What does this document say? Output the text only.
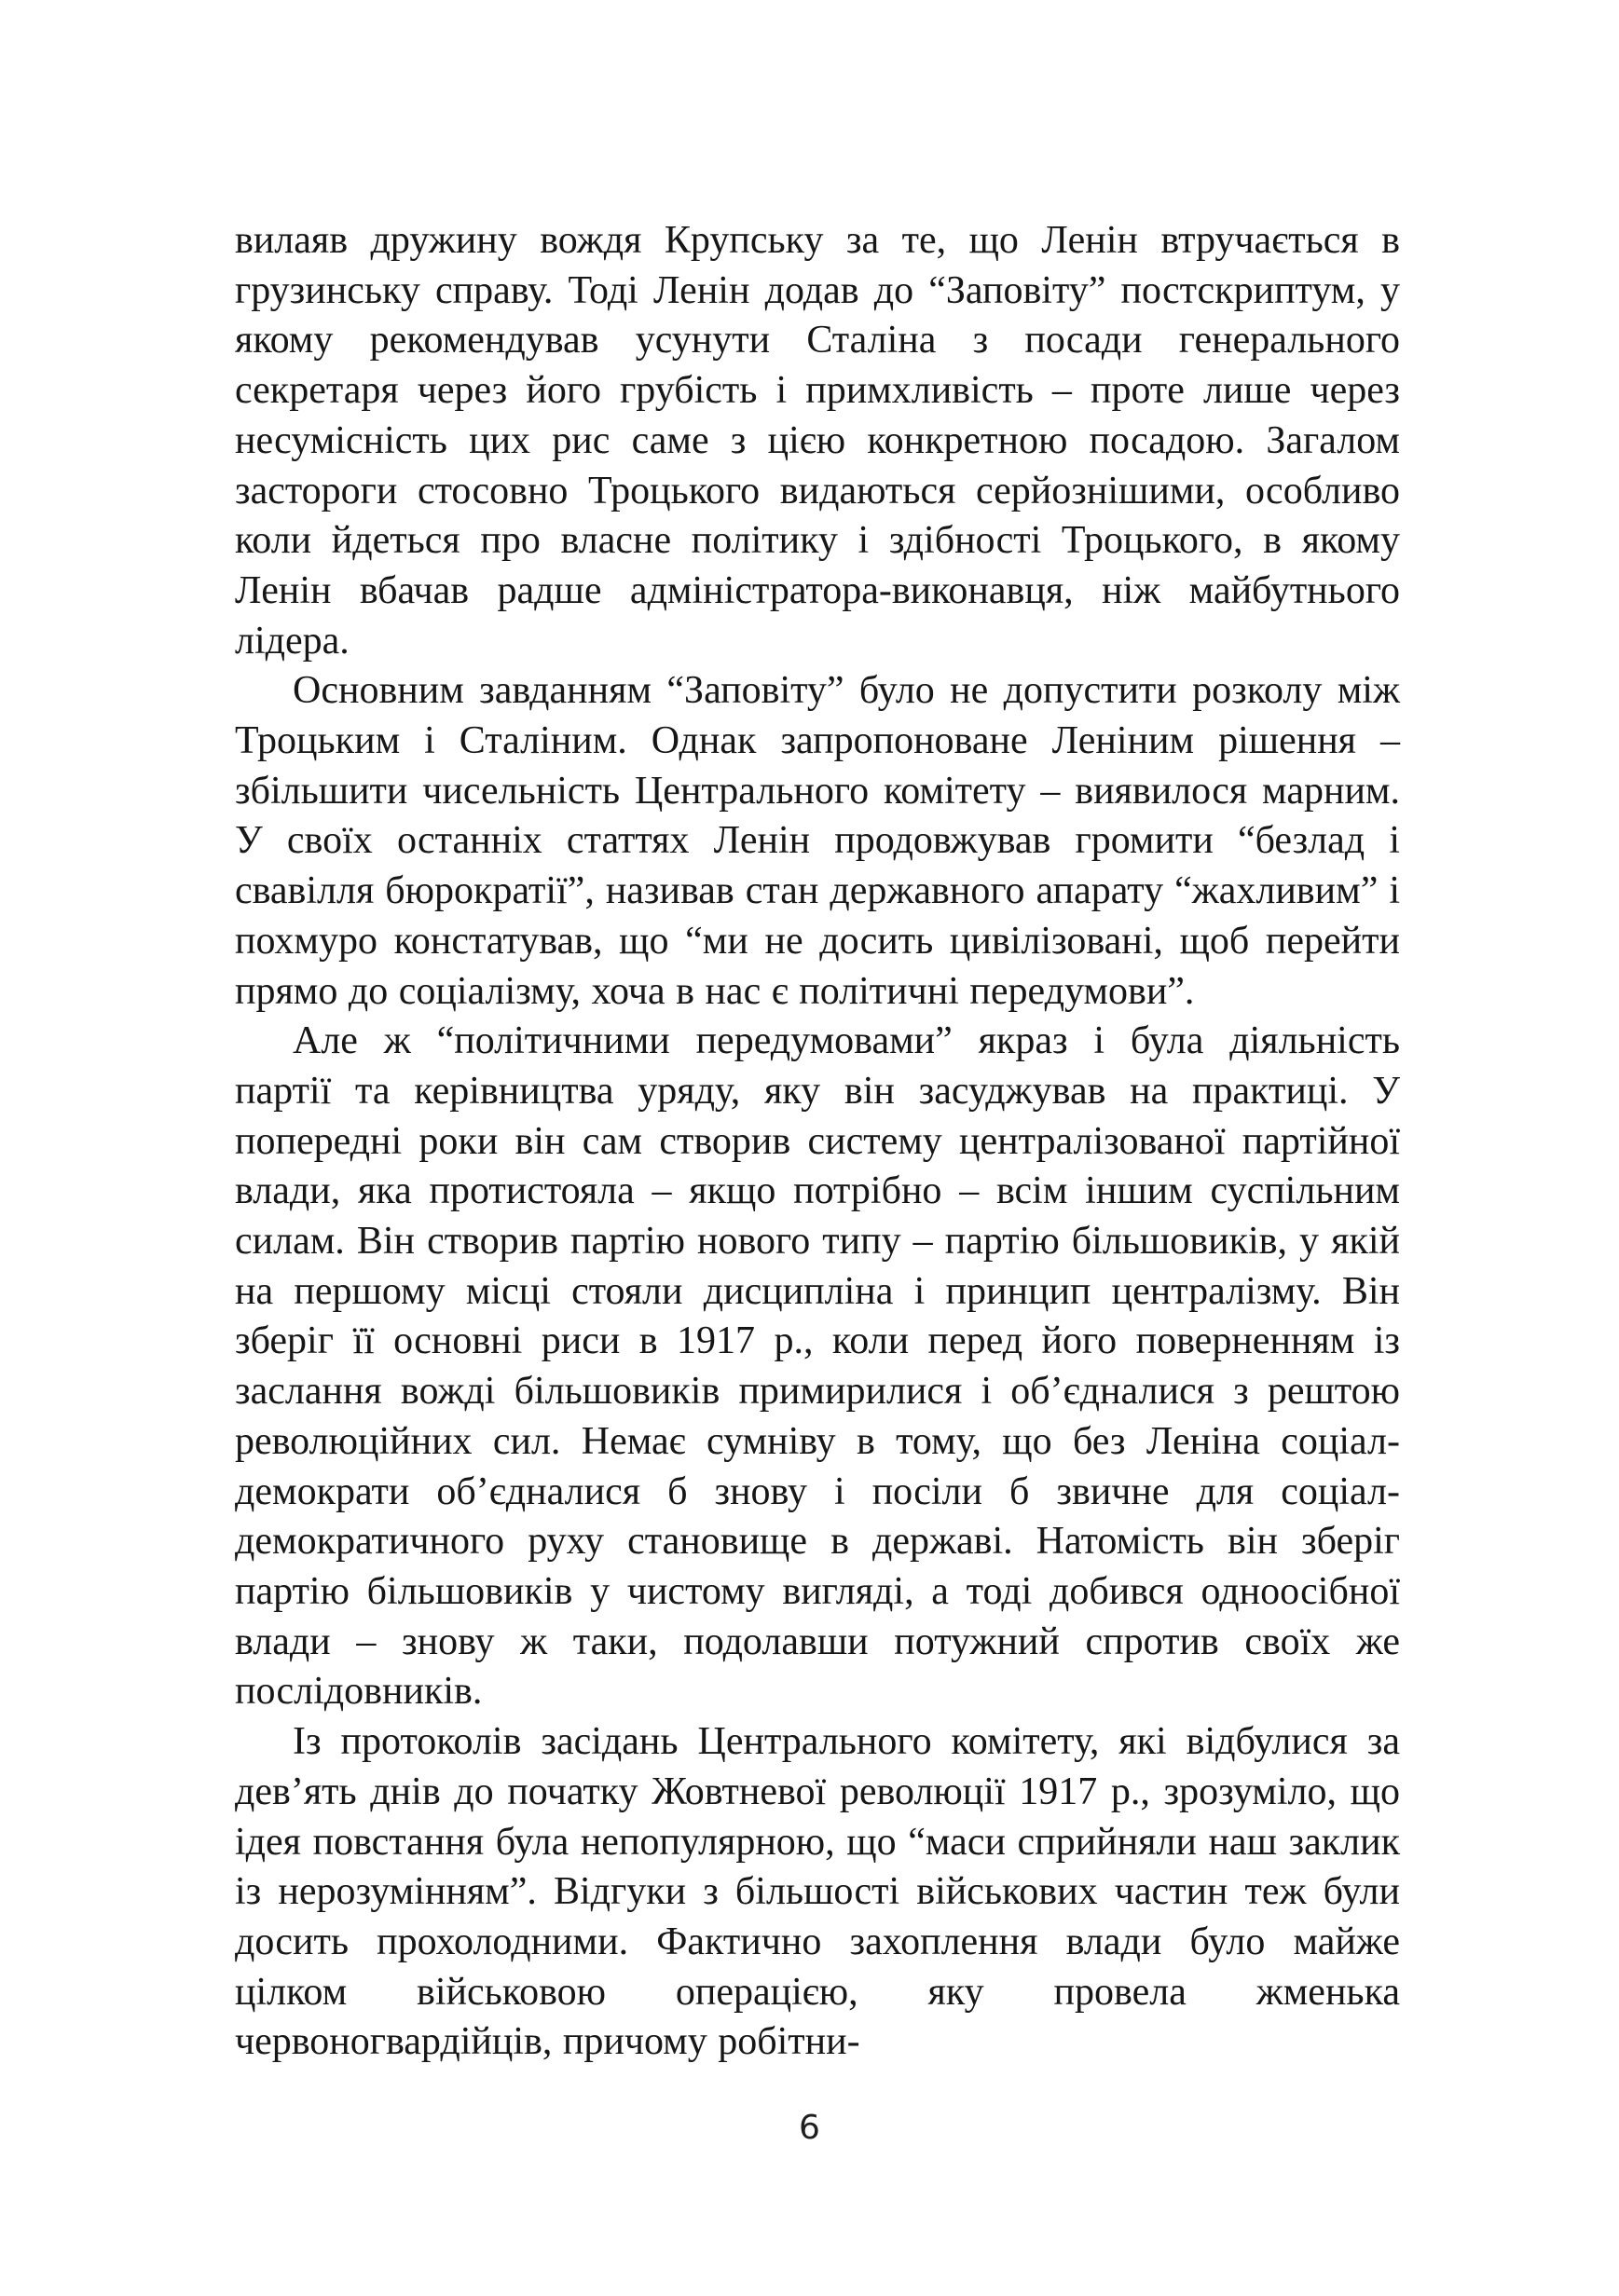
вилаяв дружину вождя Крупську за те, що Ленін втручається в грузинську справу. Тоді Ленін додав до “Заповіту” постскриптум, у якому рекомендував усунути Сталіна з посади генерального секретаря через його грубість і примхливість – проте лише через несумісність цих рис саме з цією конкретною посадою. Загалом застороги стосовно Троцького видаються серйознішими, особливо коли йдеться про власне політику і здібності Троцького, в якому Ленін вбачав радше адміністратора-виконавця, ніж майбутнього лідера.

Основним завданням “Заповіту” було не допустити розколу між Троцьким і Сталіним. Однак запропоноване Леніним рішення – збільшити чисельність Центрального комітету – виявилося марним. У своїх останніх статтях Ленін продовжував громити “безлад і свавілля бюрократії”, називав стан державного апарату “жахливим” і похмуро констатував, що “ми не досить цивілізовані, щоб перейти прямо до соціалізму, хоча в нас є політичні передумови”.

Але ж “політичними передумовами” якраз і була діяльність партії та керівництва уряду, яку він засуджував на практиці. У попередні роки він сам створив систему централізованої партійної влади, яка протистояла – якщо потрібно – всім іншим суспільним силам. Він створив партію нового типу – партію більшовиків, у якій на першому місці стояли дисципліна і принцип централізму. Він зберіг її основні риси в 1917 р., коли перед його поверненням із заслання вожді більшовиків примирилися і об’єдналися з рештою революційних сил. Немає сумніву в тому, що без Леніна соціал-демократи об’єдналися б знову і посіли б звичне для соціал-демократичного руху становище в державі. Натомість він зберіг партію більшовиків у чистому вигляді, а тоді добився одноосібної влади – знову ж таки, подолавши потужний спротив своїх же послідовників.

Із протоколів засідань Центрального комітету, які відбулися за дев’ять днів до початку Жовтневої революції 1917 р., зрозуміло, що ідея повстання була непопулярною, що “маси сприйняли наш заклик із нерозумінням”. Відгуки з більшості військових частин теж були досить прохолодними. Фактично захоплення влади було майже цілком військовою операцією, яку провела жменька червоногвардійців, причому робітни-

6
